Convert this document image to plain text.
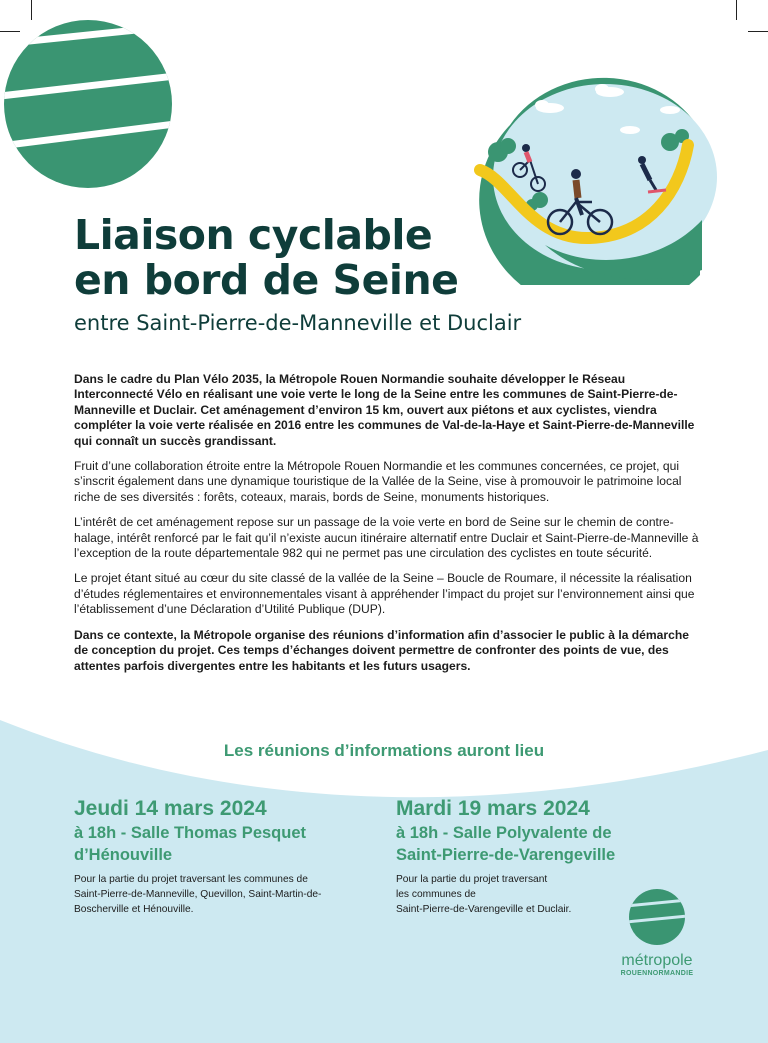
Liaison cyclable

en bord de Seine

entre Saint-Pierre-de-Manneville et Duclair

Dans le cadre du Plan Vélo 2035, la Métropole Rouen Normandie souhaite développer le Réseau Interconnecté Vélo en réalisant une voie verte le long de la Seine entre les communes de Saint-Pierre-de-Manneville et Duclair. Cet aménagement d’environ 15 km, ouvert aux piétons et aux cyclistes, viendra compléter la voie verte réalisée en 2016 entre les communes de Val-de-la-Haye et Saint-Pierre-de-Manneville qui connaît un succès grandissant.

Fruit d’une collaboration étroite entre la Métropole Rouen Normandie et les communes concernées, ce projet, qui s’inscrit également dans une dynamique touristique de la Vallée de la Seine, vise à promouvoir le patrimoine local riche de ses diversités : forêts, coteaux, marais, bords de Seine, monuments historiques.

L’intérêt de cet aménagement repose sur un passage de la voie verte en bord de Seine sur le chemin de contre-halage, intérêt renforcé par le fait qu’il n’existe aucun itinéraire alternatif entre Duclair et Saint-Pierre-de-Manneville à l’exception de la route départementale 982 qui ne permet pas une circulation des cyclistes en toute sécurité.

Le projet étant situé au cœur du site classé de la vallée de la Seine – Boucle de Roumare, il nécessite la réalisation d’études réglementaires et environnementales visant à appréhender l’impact du projet sur l’environnement ainsi que l’établissement d’une Déclaration d’Utilité Publique (DUP).

Dans ce contexte, la Métropole organise des réunions d’information afin d’associer le public à la démarche de conception du projet. Ces temps d’échanges doivent permettre de confronter des points de vue, des attentes parfois divergentes entre les habitants et les futurs usagers.

Les réunions d’informations auront lieu
Jeudi 14 mars 2024
à 18h - Salle Thomas Pesquet
d’Hénouville
Pour la partie du projet traversant les communes de
Saint-Pierre-de-Manneville, Quevillon, Saint-Martin-de-
Boscherville et Hénouville.
Mardi 19 mars 2024
à 18h - Salle Polyvalente de
Saint-Pierre-de-Varengeville
Pour la partie du projet traversant
les communes de
Saint-Pierre-de-Varengeville et Duclair.
métropole
ROUENNORMANDIE
